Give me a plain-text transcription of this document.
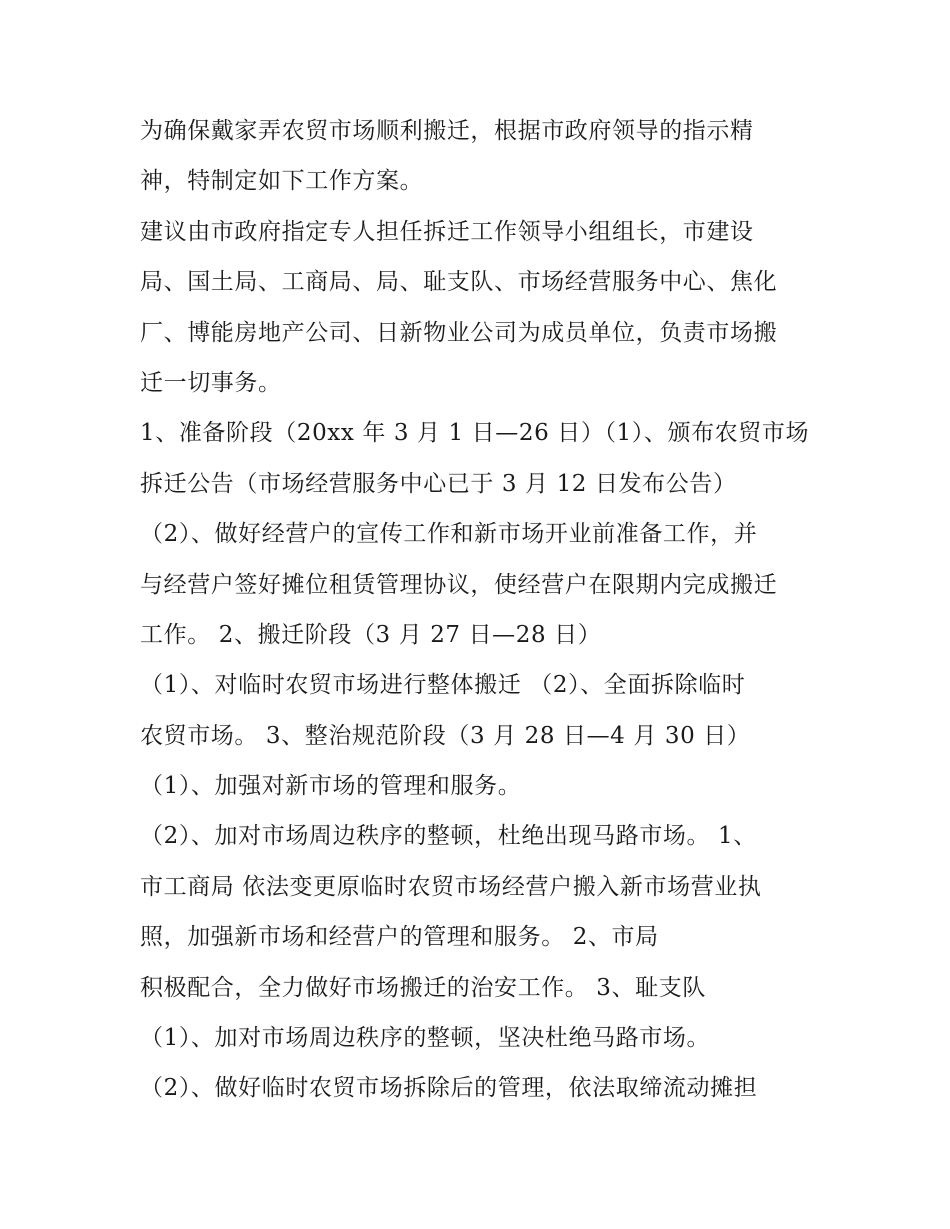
为确保戴家弄农贸市场顺利搬迁，根据市政府领导的指示精
神，特制定如下工作方案。
建议由市政府指定专人担任拆迁工作领导小组组长，市建设
局、国土局、工商局、局、耻支队、市场经营服务中心、焦化
厂、博能房地产公司、日新物业公司为成员单位，负责市场搬
迁一切事务。
1、准备阶段（20xx 年 3 月 1 日—26 日）（1）、颁布农贸市场
拆迁公告（市场经营服务中心已于 3 月 12 日发布公告）
（2）、做好经营户的宣传工作和新市场开业前准备工作，并
与经营户签好摊位租赁管理协议，使经营户在限期内完成搬迁
工作。 2、搬迁阶段（3 月 27 日—28 日）
（1）、对临时农贸市场进行整体搬迁 （2）、全面拆除临时
农贸市场。 3、整治规范阶段（3 月 28 日—4 月 30 日）
（1）、加强对新市场的管理和服务。
（2）、加对市场周边秩序的整顿，杜绝出现马路市场。 1、
市工商局 依法变更原临时农贸市场经营户搬入新市场营业执
照，加强新市场和经营户的管理和服务。 2、市局
积极配合，全力做好市场搬迁的治安工作。 3、耻支队
（1）、加对市场周边秩序的整顿，坚决杜绝马路市场。
（2）、做好临时农贸市场拆除后的管理，依法取缔流动摊担
